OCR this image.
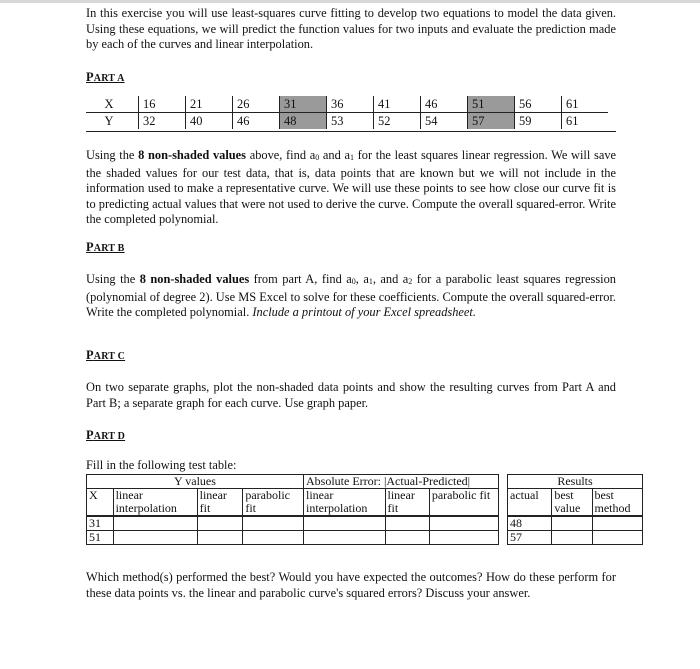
In this exercise you will use least-squares curve fitting to develop two equations to model the data given. Using these equations, we will predict the function values for two inputs and evaluate the prediction made by each of the curves and linear interpolation.
PART A
X	16	21	26	31	36	41	46	51	56	61
Y	32	40	46	48	53	52	54	57	59	61
Using the 8 non-shaded values above, find $a_0$ and $a_1$ for the least squares linear regression. We will save the shaded values for our test data, that is, data points that are known but we will not include in the information used to make a representative curve. We will use these points to see how close our curve fit is to predicting actual values that were not used to derive the curve. Compute the overall squared-error. Write the completed polynomial.
PART B
Using the 8 non-shaded values from part A, find $a_0$, $a_1$, and $a_2$ for a parabolic least squares regression (polynomial of degree 2). Use MS Excel to solve for these coefficients. Compute the overall squared-error. Write the completed polynomial. Include a printout of your Excel spreadsheet.
PART C
On two separate graphs, plot the non-shaded data points and show the resulting curves from Part A and Part B; a separate graph for each curve. Use graph paper.
PART D
Fill in the following test table:
Y values				Absolute Error: |Actual-Predicted|				Results		
X	linear interpolation	linear fit	parabolic fit	linear interpolation	linear fit	parabolic fit		actual	best value	best method
31								48		
51								57		
Which method(s) performed the best? Would you have expected the outcomes? How do these perform for these data points vs. the linear and parabolic curve's squared errors? Discuss your answer.
